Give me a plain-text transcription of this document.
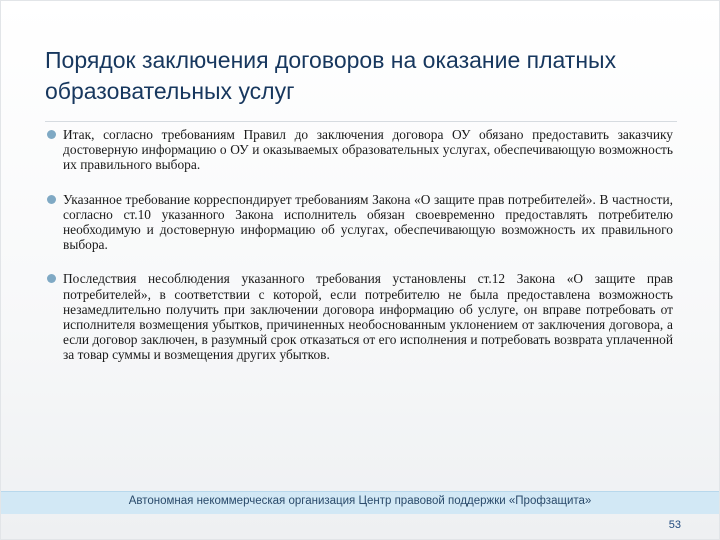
Порядок заключения договоров на оказание платных образовательных услуг
Итак, согласно требованиям Правил до заключения договора ОУ обязано предоставить заказчику достоверную информацию о ОУ и оказываемых образовательных услугах, обеспечивающую возможность их правильного выбора.
Указанное требование корреспондирует требованиям Закона «О защите прав потребителей». В частности, согласно ст.10 указанного Закона исполнитель обязан своевременно предоставлять потребителю необходимую и достоверную информацию об услугах, обеспечивающую возможность их правильного выбора.
Последствия несоблюдения указанного требования установлены ст.12 Закона «О защите прав потребителей», в соответствии с которой, если потребителю не была предоставлена возможность незамедлительно получить при заключении договора информацию об услуге, он вправе потребовать от исполнителя возмещения убытков, причиненных необоснованным уклонением от заключения договора, а если договор заключен, в разумный срок отказаться от его исполнения и потребовать возврата уплаченной за товар суммы и возмещения других убытков.
Автономная некоммерческая организация Центр правовой поддержки «Профзащита»
53
